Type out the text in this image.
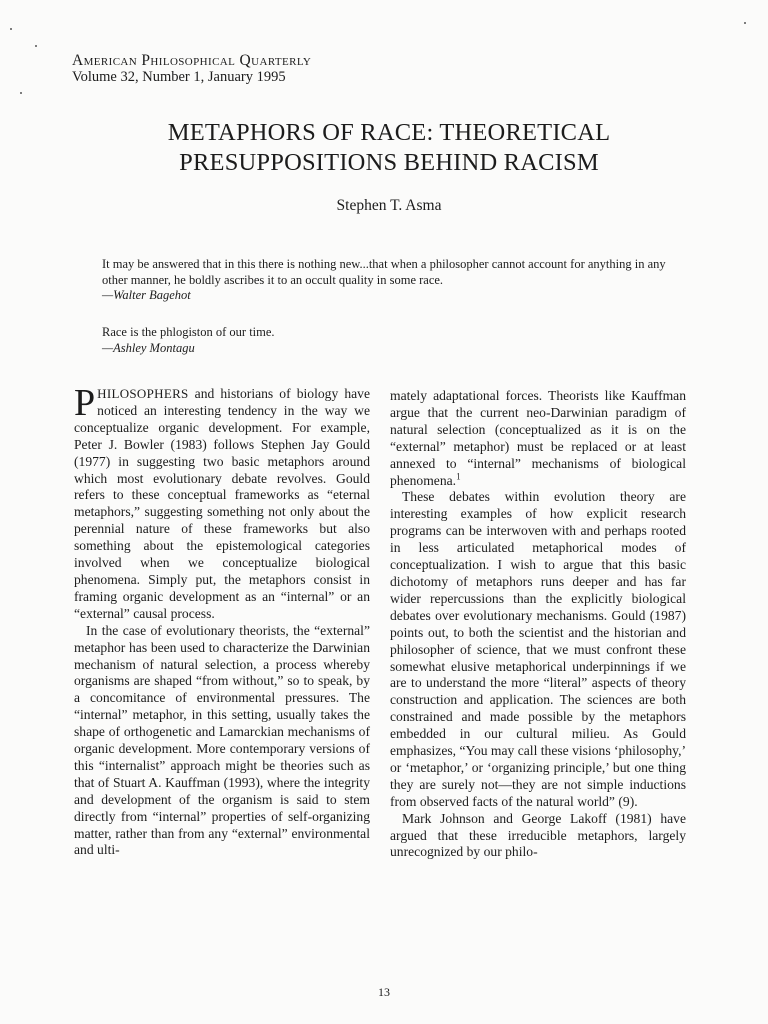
American Philosophical Quarterly
Volume 32, Number 1, January 1995
METAPHORS OF RACE: THEORETICAL
PRESUPPOSITIONS BEHIND RACISM
Stephen T. Asma
It may be answered that in this there is nothing new...that when a philosopher cannot account for anything in any other manner, he boldly ascribes it to an occult quality in some race.
—Walter Bagehot
Race is the phlogiston of our time.
—Ashley Montagu

PHILOSOPHERS and historians of biology have noticed an interesting tendency in the way we conceptualize organic development. For example, Peter J. Bowler (1983) follows Stephen Jay Gould (1977) in suggesting two basic metaphors around which most evolutionary debate revolves. Gould refers to these conceptual frameworks as “eternal metaphors,” suggesting something not only about the perennial nature of these frameworks but also something about the epistemological categories involved when we conceptualize biological phenomena. Simply put, the metaphors consist in framing organic development as an “internal” or an “external” causal process.

In the case of evolutionary theorists, the “external” metaphor has been used to characterize the Darwinian mechanism of natural selection, a process whereby organisms are shaped “from without,” so to speak, by a concomitance of environmental pressures. The “internal” metaphor, in this setting, usually takes the shape of orthogenetic and Lamarckian mechanisms of organic development. More contemporary versions of this “internalist” approach might be theories such as that of Stuart A. Kauffman (1993), where the integrity and development of the organism is said to stem directly from “internal” properties of self-organizing matter, rather than from any “external” environmental and ulti-

mately adaptational forces. Theorists like Kauffman argue that the current neo-Darwinian paradigm of natural selection (conceptualized as it is on the “external” metaphor) must be replaced or at least annexed to “internal” mechanisms of biological phenomena.$^1$

These debates within evolution theory are interesting examples of how explicit research programs can be interwoven with and perhaps rooted in less articulated metaphorical modes of conceptualization. I wish to argue that this basic dichotomy of metaphors runs deeper and has far wider repercussions than the explicitly biological debates over evolutionary mechanisms. Gould (1987) points out, to both the scientist and the historian and philosopher of science, that we must confront these somewhat elusive metaphorical underpinnings if we are to understand the more “literal” aspects of theory construction and application. The sciences are both constrained and made possible by the metaphors embedded in our cultural milieu. As Gould emphasizes, “You may call these visions ‘philosophy,’ or ‘metaphor,’ or ‘organizing principle,’ but one thing they are surely not—they are not simple inductions from observed facts of the natural world” (9).

Mark Johnson and George Lakoff (1981) have argued that these irreducible metaphors, largely unrecognized by our philo-

13
